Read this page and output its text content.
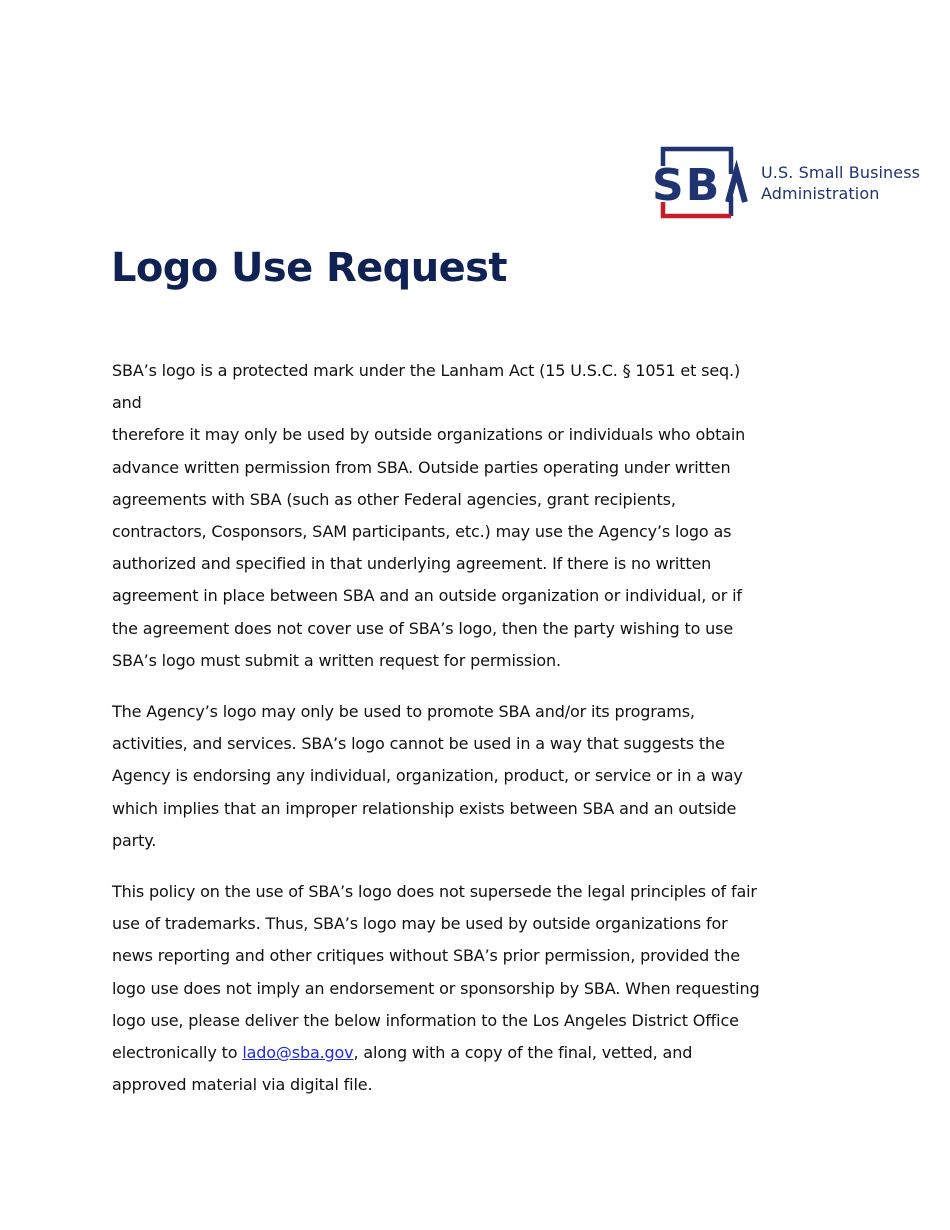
SB U.S. Small Business
Administration
Logo Use Request

SBA’s logo is a protected mark under the Lanham Act (15 U.S.C. § 1051 et seq.) and
therefore it may only be used by outside organizations or individuals who obtain
advance written permission from SBA. Outside parties operating under written
agreements with SBA (such as other Federal agencies, grant recipients,
contractors, Cosponsors, SAM participants, etc.) may use the Agency’s logo as
authorized and specified in that underlying agreement. If there is no written
agreement in place between SBA and an outside organization or individual, or if
the agreement does not cover use of SBA’s logo, then the party wishing to use
SBA’s logo must submit a written request for permission.

The Agency’s logo may only be used to promote SBA and/or its programs,
activities, and services. SBA’s logo cannot be used in a way that suggests the
Agency is endorsing any individual, organization, product, or service or in a way
which implies that an improper relationship exists between SBA and an outside
party.

This policy on the use of SBA’s logo does not supersede the legal principles of fair
use of trademarks. Thus, SBA’s logo may be used by outside organizations for
news reporting and other critiques without SBA’s prior permission, provided the
logo use does not imply an endorsement or sponsorship by SBA. When requesting
logo use, please deliver the below information to the Los Angeles District Office
electronically to lado@sba.gov, along with a copy of the final, vetted, and
approved material via digital file.
